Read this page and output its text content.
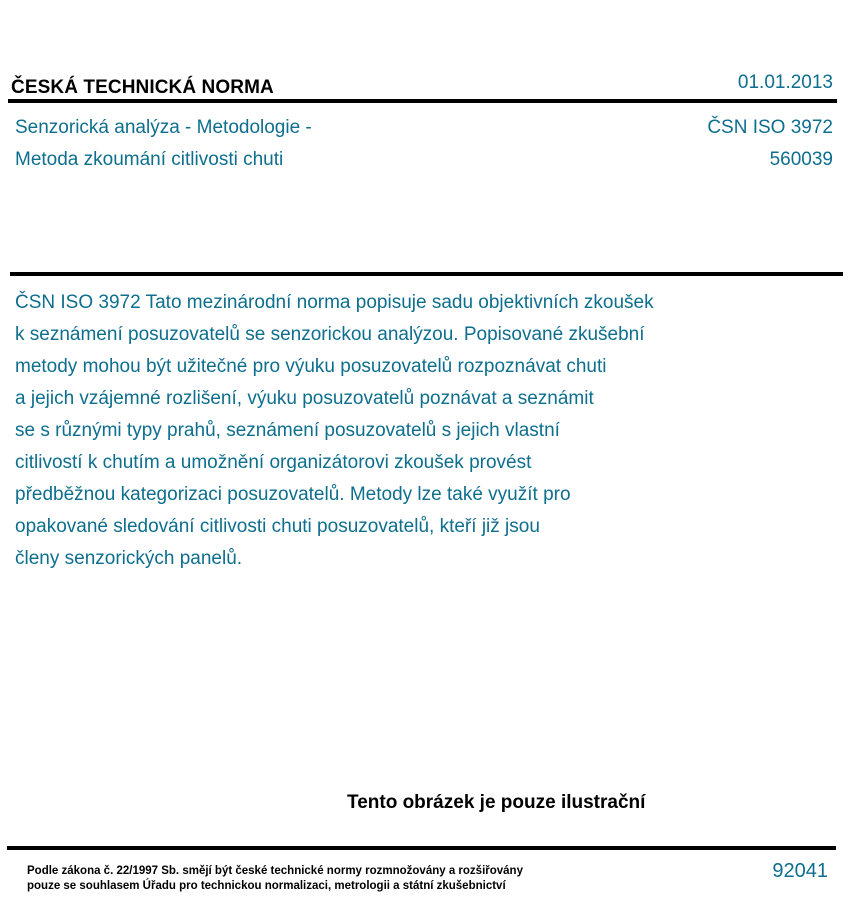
ČESKÁ TECHNICKÁ NORMA	01.01.2013
Senzorická analýza - Metodologie -
Metoda zkoumání citlivosti chuti
ČSN ISO 3972
560039
ČSN ISO 3972 Tato mezinárodní norma popisuje sadu objektivních zkoušek
k seznámení posuzovatelů se senzorickou analýzou. Popisované zkušební
metody mohou být užitečné pro výuku posuzovatelů rozpoznávat chuti
a jejich vzájemné rozlišení, výuku posuzovatelů poznávat a seznámit
se s různými typy prahů, seznámení posuzovatelů s jejich vlastní
citlivostí k chutím a umožnění organizátorovi zkoušek provést
předběžnou kategorizaci posuzovatelů. Metody lze také využít pro
opakované sledování citlivosti chuti posuzovatelů, kteří již jsou
členy senzorických panelů.
Tento obrázek je pouze ilustrační
Podle zákona č. 22/1997 Sb. smějí být české technické normy rozmnožovány a rozšiřovány
pouze se souhlasem Úřadu pro technickou normalizaci, metrologii a státní zkušebnictví
92041
